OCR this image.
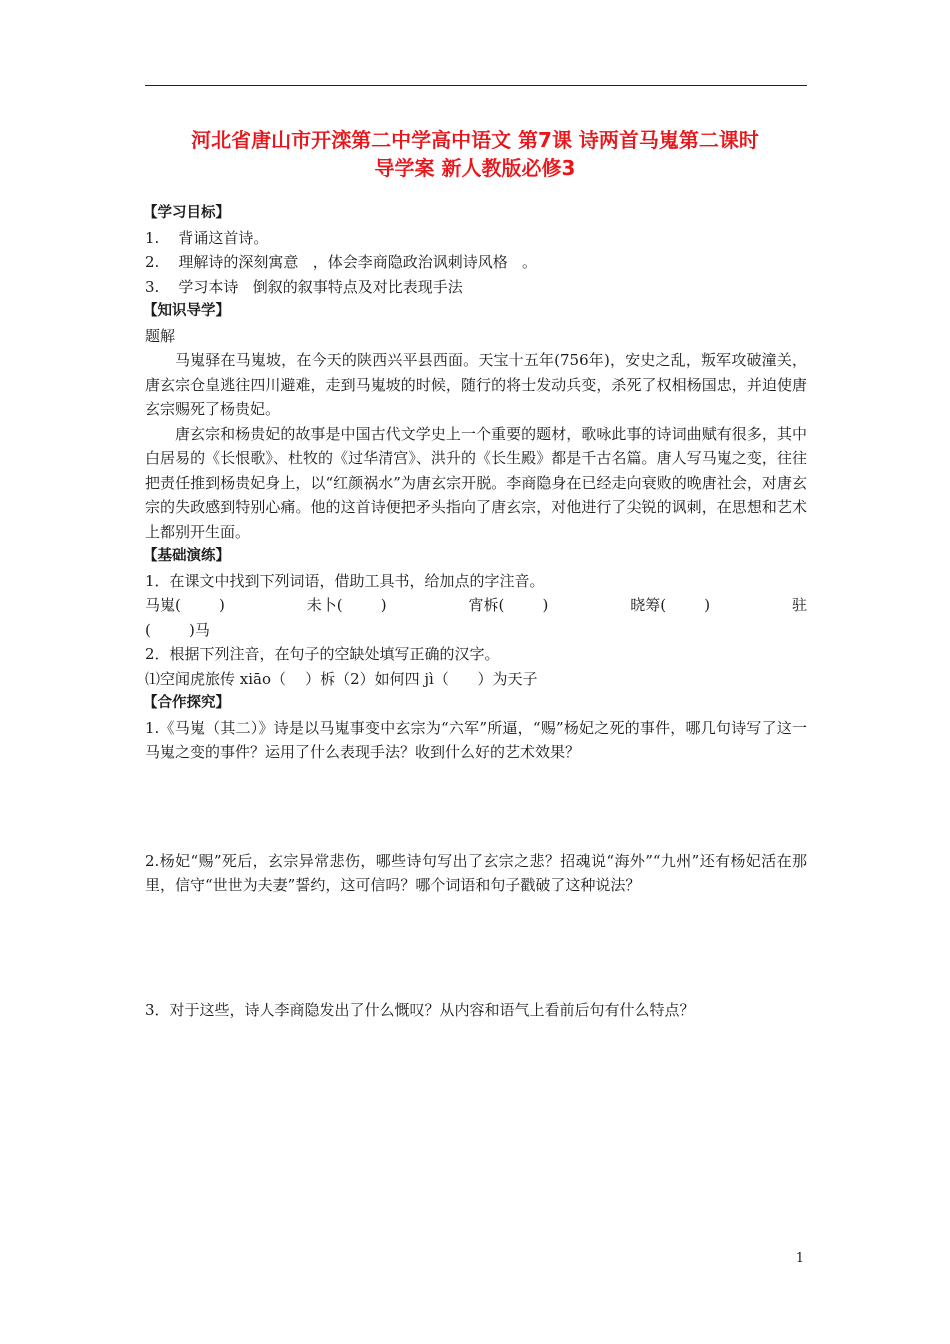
河北省唐山市开滦第二中学高中语文 第7课 诗两首马嵬第二课时
导学案 新人教版必修3
【学习目标】
1.    背诵这首诗。
2.    理解诗的深刻寓意   ，体会李商隐政治讽刺诗风格   。
3.    学习本诗   倒叙的叙事特点及对比表现手法
【知识导学】
题解
马嵬驿在马嵬坡，在今天的陕西兴平县西面。天宝十五年(756年)，安史之乱，叛军攻破潼关，唐玄宗仓皇逃往四川避难，走到马嵬坡的时候，随行的将士发动兵变，杀死了权相杨国忠，并迫使唐玄宗赐死了杨贵妃。
唐玄宗和杨贵妃的故事是中国古代文学史上一个重要的题材，歌咏此事的诗词曲赋有很多，其中白居易的《长恨歌》、杜牧的《过华清宫》、洪升的《长生殿》都是千古名篇。唐人写马嵬之变，往往把责任推到杨贵妃身上，以“红颜祸水”为唐玄宗开脱。李商隐身在已经走向衰败的晚唐社会，对唐玄宗的失政感到特别心痛。他的这首诗便把矛头指向了唐玄宗，对他进行了尖锐的讽刺，在思想和艺术上都别开生面。
【基础演练】
1．在课文中找到下列词语，借助工具书，给加点的字注音。
马嵬(        )	未卜(        )	宵柝(        )	晓筹(        )	驻
(        )马
2．根据下列注音，在句子的空缺处填写正确的汉字。
⑴空闻虎旅传 xiāo（    ）柝（2）如何四 jì（      ）为天子
【合作探究】
1.《马嵬（其二）》诗是以马嵬事变中玄宗为“六军”所逼，“赐”杨妃之死的事件，哪几句诗写了这一马嵬之变的事件？运用了什么表现手法？收到什么好的艺术效果？
2.杨妃“赐”死后，玄宗异常悲伤，哪些诗句写出了玄宗之悲？招魂说“海外”“九州”还有杨妃活在那里，信守“世世为夫妻”誓约，这可信吗？哪个词语和句子戳破了这种说法？
3．对于这些，诗人李商隐发出了什么慨叹？从内容和语气上看前后句有什么特点？
1
